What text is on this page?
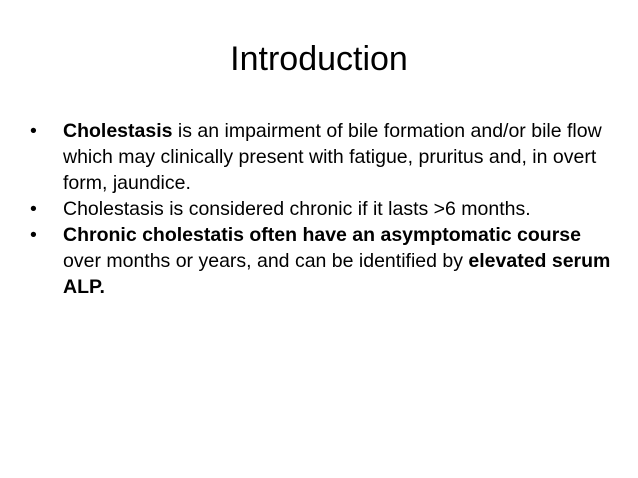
Introduction
•	Cholestasis is an impairment of bile formation and/or bile flow which may clinically present with fatigue, pruritus and, in overt form, jaundice.
•	Cholestasis is considered chronic if it lasts >6 months.
•	Chronic cholestatis often have an asymptomatic course over months or years, and can be identified by elevated serum ALP.
